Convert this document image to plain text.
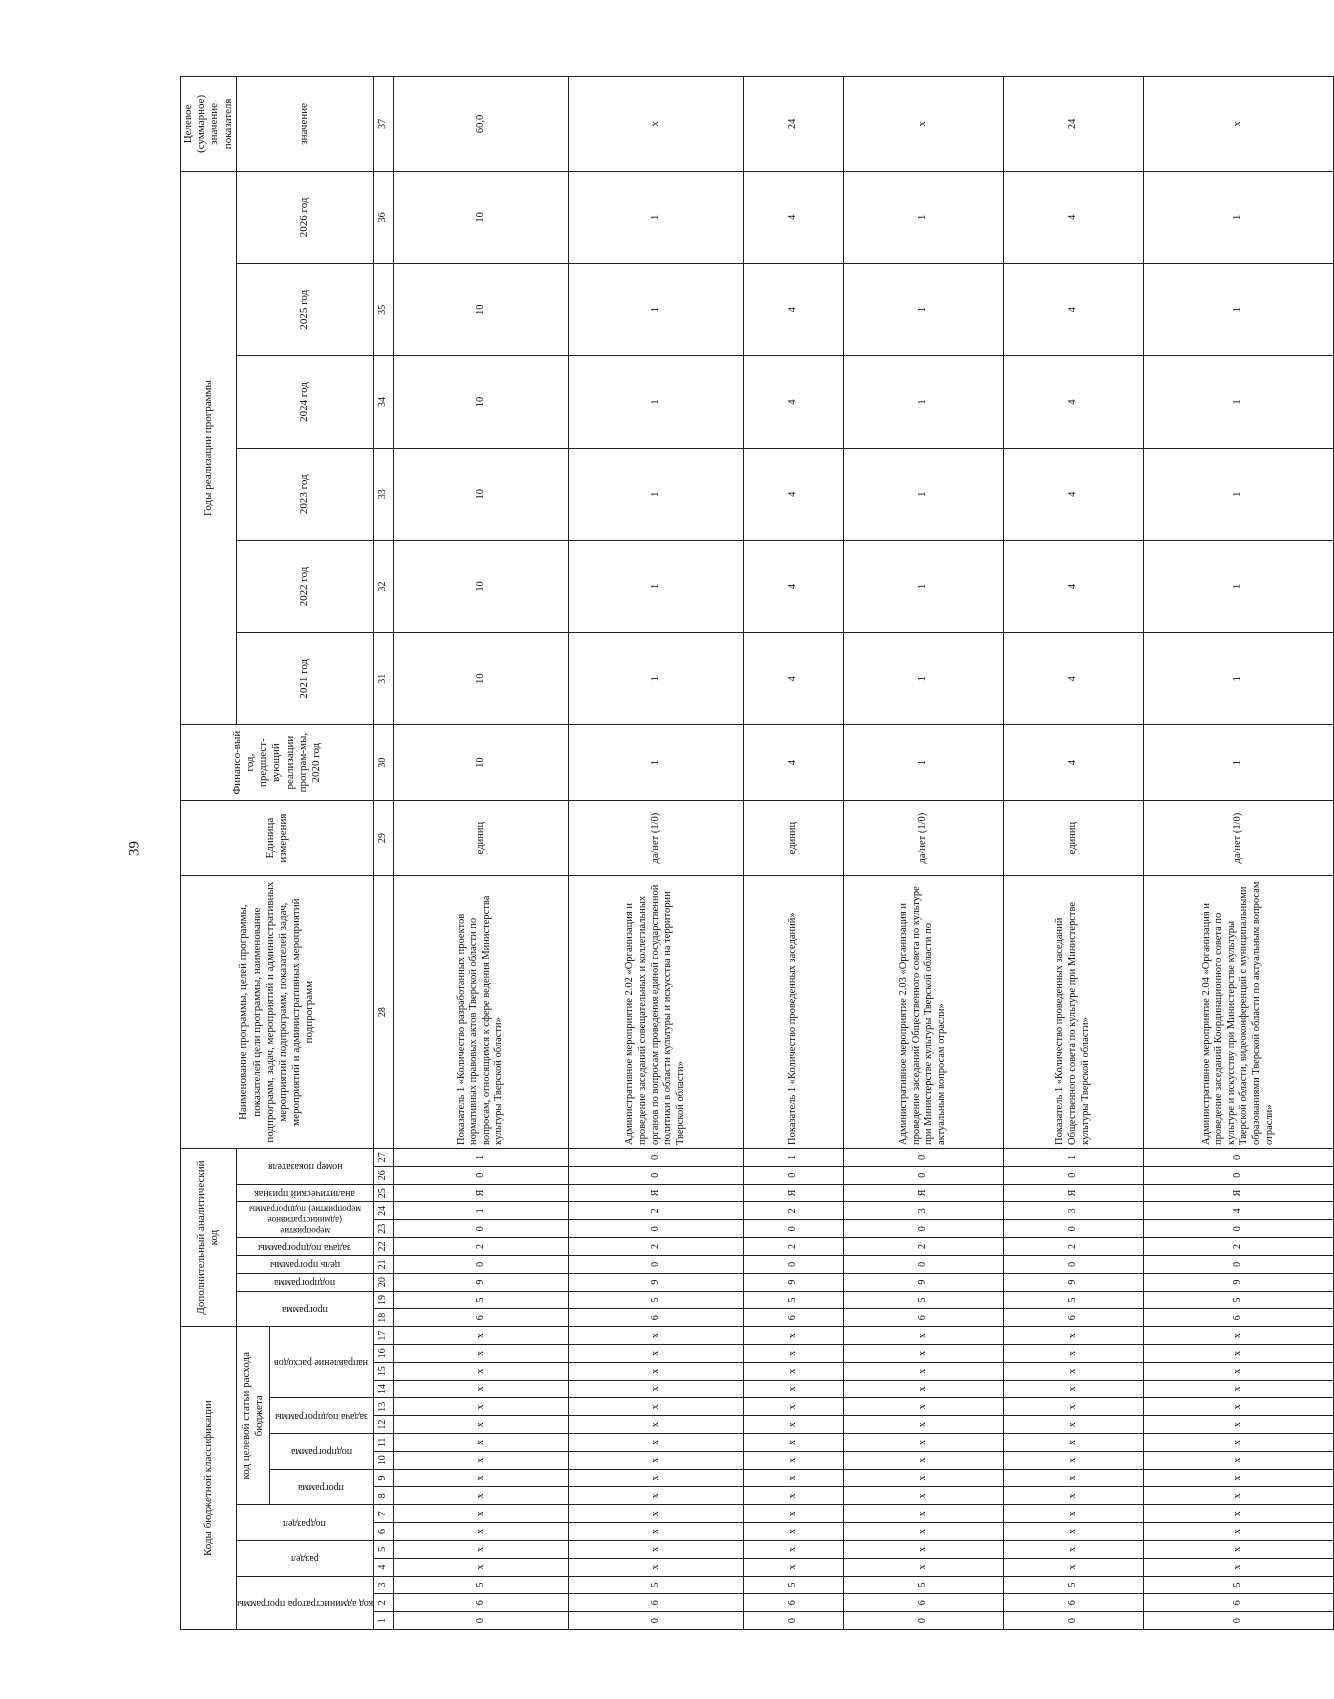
39
Коды бюджетной классификации																	Дополнительный аналитический код										Наименование программы, целей программы, показателей цели программы, наименование подпрограмм, задач, мероприятий и административных мероприятий подпрограмм, показателей задач, мероприятий и административных мероприятий подпрограмм	Единица измерения	Финансо-вый год, предшест-вующий реализации програм-мы, 2020 год	Годы реализации программы						Целевое (суммарное) значение показателя

код администратора программы			раздел		подраздел		код целевой статьи расхода бюджета										программа		подпрограмма	цель программы	задача подпрограммы	мероприятие (административное мероприятие) подпрограммы		аналитический признак	номер показателя					2021 год	2022 год	2023 год	2024 год	2025 год	2026 год	значение

							программа		подпрограмма		задача подпрограммы		направление расходов																							

1	2	3	4	5	6	7	8	9	10	11	12	13	14	15	16	17	18	19	20	21	22	23	24	25	26	27	28	29	30	31	32	33	34	35	36	37
0	6	5	x	x	x	x	x	x	x	x	x	x	x	x	x	x	6	5	9	0	2	0	1	Я	0	1	Показатель 1 «Количество разработанных проектов нормативных правовых актов Тверской области по вопросам, относящимся к сфере ведения Министерства культуры Тверской области»	единиц	10	10	10	10	10	10	10	60,0
0	6	5	x	x	x	x	x	x	x	x	x	x	x	x	x	x	6	5	9	0	2	0	2	Я	0	0	Административное мероприятие 2.02 «Организация и проведение заседаний совещательных и коллегиальных органов по вопросам проведения единой государственной политики в области культуры и искусства на территории Тверской области»	да/нет (1/0)	1	1	1	1	1	1	1	x
0	6	5	x	x	x	x	x	x	x	x	x	x	x	x	x	x	6	5	9	0	2	0	2	Я	0	1	Показатель 1 «Количество проведенных заседаний»	единиц	4	4	4	4	4	4	4	24
0	6	5	x	x	x	x	x	x	x	x	x	x	x	x	x	x	6	5	9	0	2	0	3	Я	0	0	Административное мероприятие 2.03 «Организация и проведение заседаний Общественного совета по культуре при Министерстве культуры Тверской области по актуальным вопросам отрасли»	да/нет (1/0)	1	1	1	1	1	1	1	x
0	6	5	x	x	x	x	x	x	x	x	x	x	x	x	x	x	6	5	9	0	2	0	3	Я	0	1	Показатель 1 «Количество проведенных заседаний Общественного совета по культуре при Министерстве культуры Тверской области»	единиц	4	4	4	4	4	4	4	24
0	6	5	x	x	x	x	x	x	x	x	x	x	x	x	x	x	6	5	9	0	2	0	4	Я	0	0	Административное мероприятие 2.04 «Организация и проведение заседаний Координационного совета по культуре и искусству при Министерстве культуры Тверской области, видеоконференций с муниципальными образованиями Тверской области по актуальным вопросам отрасли»	да/нет (1/0)	1	1	1	1	1	1	1	x
